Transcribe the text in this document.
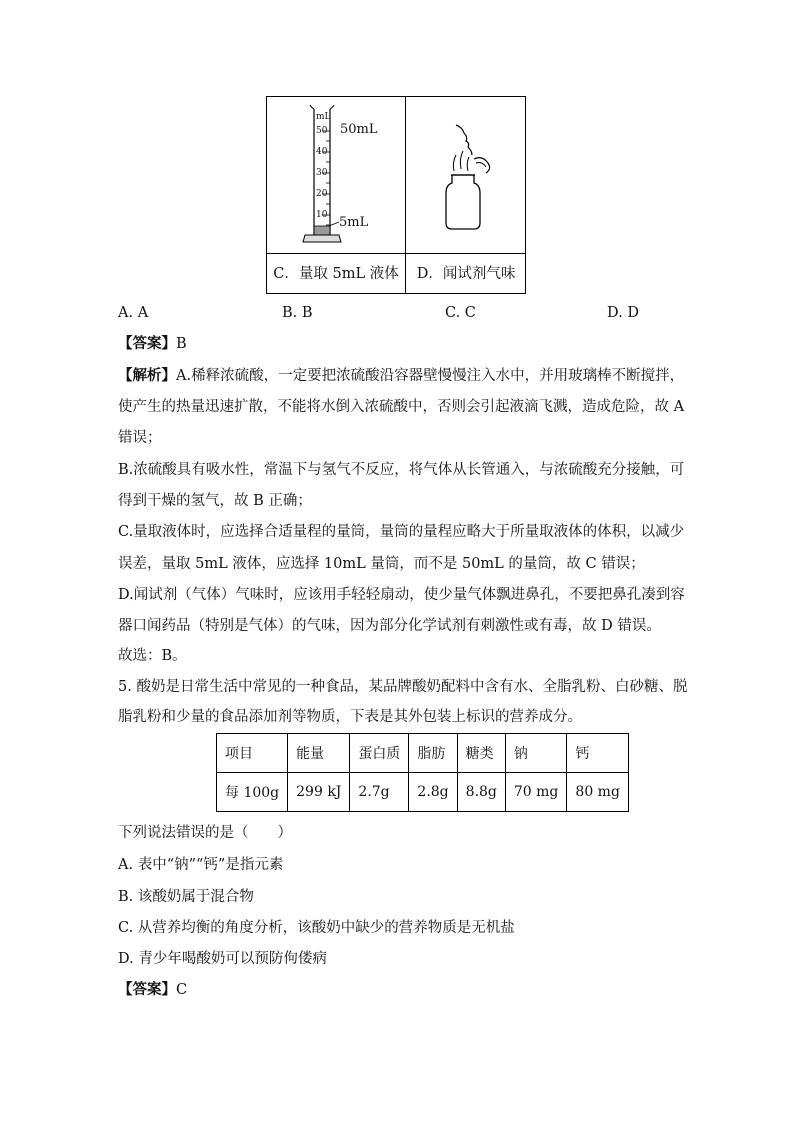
mL
50
40
30
20
10
50mL
5mL
C．量取 5mL 液体	D．闻试剂气味
A. A	B. B	C. C	D. D
【答案】B
【解析】A.稀释浓硫酸，一定要把浓硫酸沿容器壁慢慢注入水中，并用玻璃棒不断搅拌，
使产生的热量迅速扩散，不能将水倒入浓硫酸中，否则会引起液滴飞溅，造成危险，故 A
错误；
B.浓硫酸具有吸水性，常温下与氢气不反应，将气体从长管通入，与浓硫酸充分接触，可
得到干燥的氢气，故 B 正确；
C.量取液体时，应选择合适量程的量筒，量筒的量程应略大于所量取液体的体积，以减少
误差，量取 5mL 液体，应选择 10mL 量筒，而不是 50mL 的量筒，故 C 错误；
D.闻试剂（气体）气味时，应该用手轻轻扇动，使少量气体飘进鼻孔，不要把鼻孔凑到容
器口闻药品（特别是气体）的气味，因为部分化学试剂有刺激性或有毒，故 D 错误。
故选：B。
5. 酸奶是日常生活中常见的一种食品，某品牌酸奶配料中含有水、全脂乳粉、白砂糖、脱
脂乳粉和少量的食品添加剂等物质，下表是其外包装上标识的营养成分。
项目	能量	蛋白质	脂肪	糖类	钠	钙
每 100g	299 kJ	2.7g	2.8g	8.8g	70 mg	80 mg
下列说法错误的是（　　）
A. 表中“钠”“钙”是指元素
B. 该酸奶属于混合物
C. 从营养均衡的角度分析，该酸奶中缺少的营养物质是无机盐
D. 青少年喝酸奶可以预防佝偻病
【答案】C
